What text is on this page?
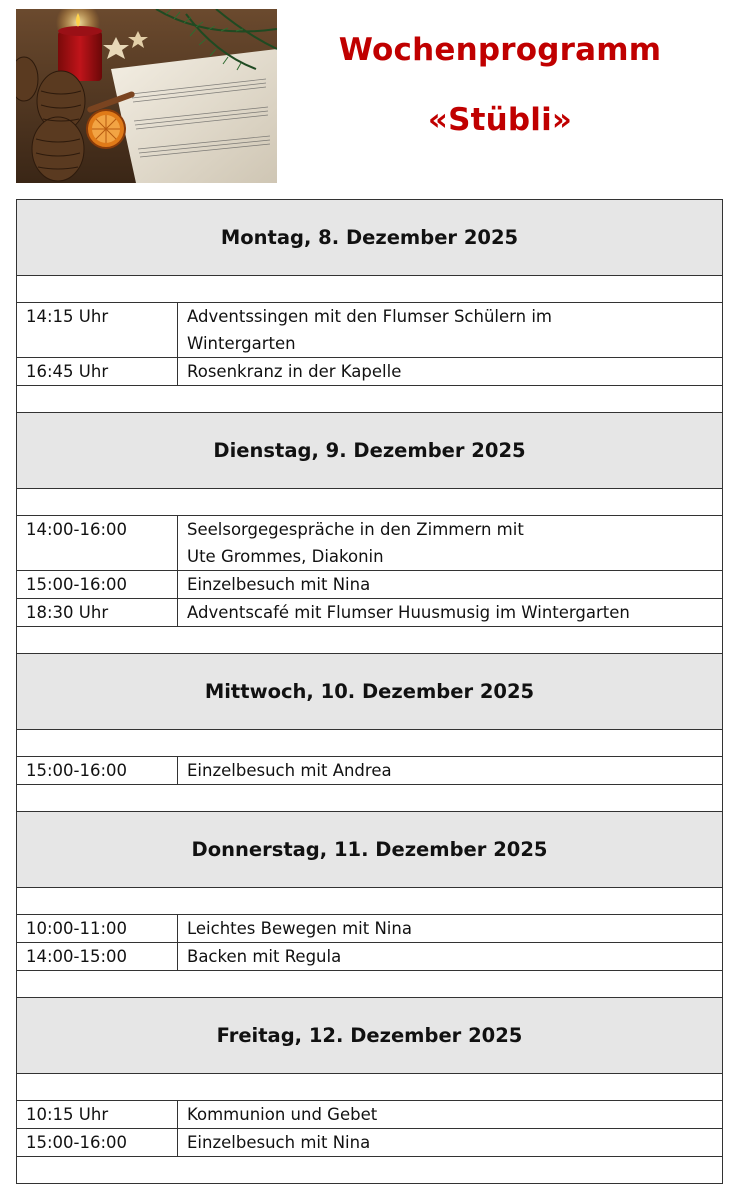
Wochenprogramm
«Stübli»
Montag, 8. Dezember 2025
14:15 Uhr	Adventssingen mit den Flumser Schülern im
Wintergarten
16:45 Uhr	Rosenkranz in der Kapelle
Dienstag, 9. Dezember 2025
14:00-16:00	Seelsorgegespräche in den Zimmern mit
Ute Grommes, Diakonin
15:00-16:00	Einzelbesuch mit Nina
18:30 Uhr	Adventscafé mit Flumser Huusmusig im Wintergarten
Mittwoch, 10. Dezember 2025
15:00-16:00	Einzelbesuch mit Andrea
Donnerstag, 11. Dezember 2025
10:00-11:00	Leichtes Bewegen mit Nina
14:00-15:00	Backen mit Regula
Freitag, 12. Dezember 2025
10:15 Uhr	Kommunion und Gebet
15:00-16:00	Einzelbesuch mit Nina
